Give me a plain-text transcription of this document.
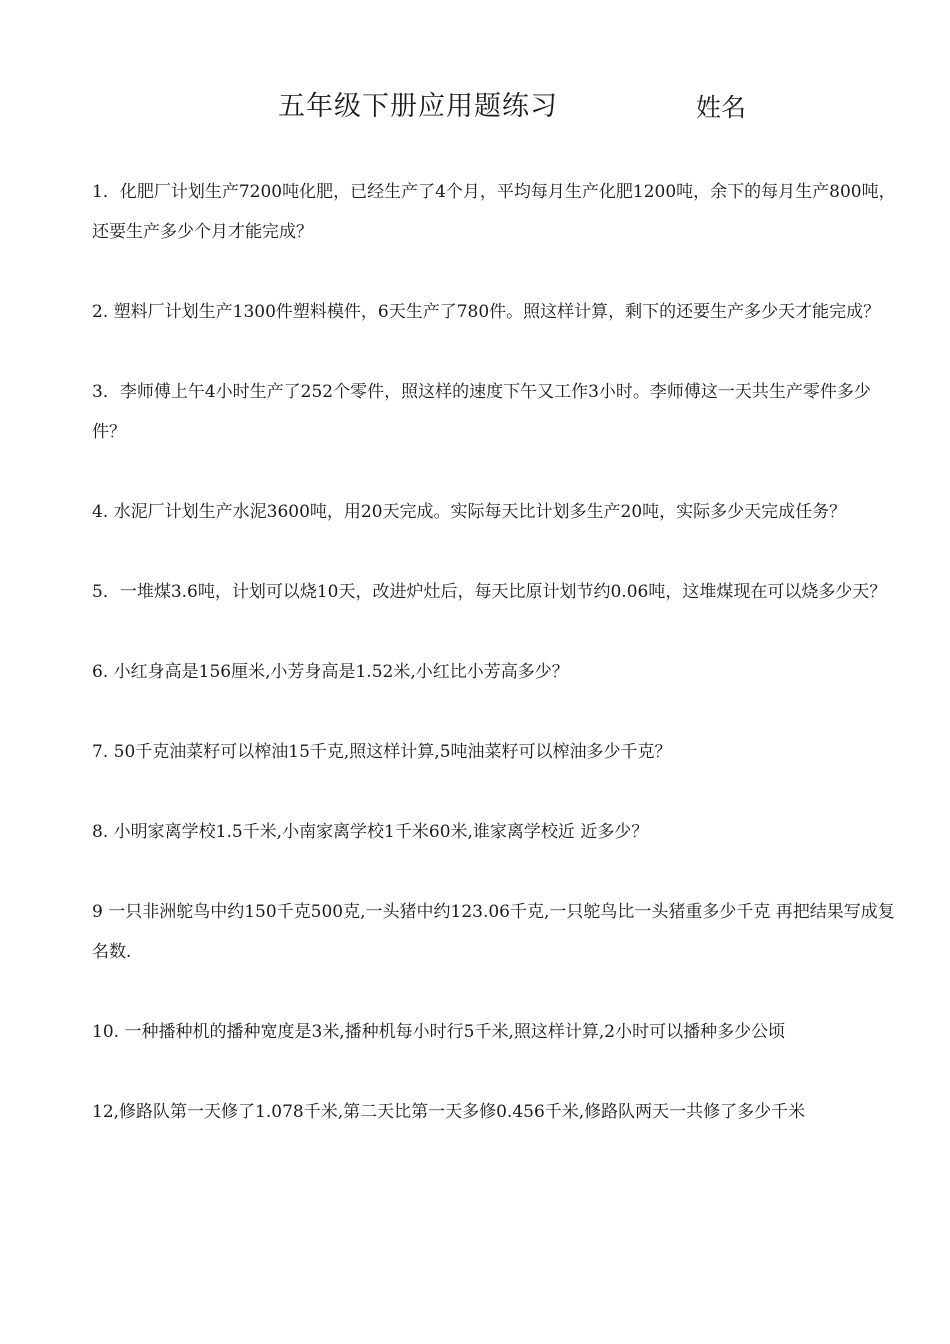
五年级下册应用题练习	姓名

1．化肥厂计划生产7200吨化肥，已经生产了4个月，平均每月生产化肥1200吨，余下的每月生产800吨，还要生产多少个月才能完成？

2. 塑料厂计划生产1300件塑料模件，6天生产了780件。照这样计算，剩下的还要生产多少天才能完成？

3．李师傅上午4小时生产了252个零件，照这样的速度下午又工作3小时。李师傅这一天共生产零件多少件？

4. 水泥厂计划生产水泥3600吨，用20天完成。实际每天比计划多生产20吨，实际多少天完成任务？

5．一堆煤3.6吨，计划可以烧10天，改进炉灶后，每天比原计划节约0.06吨，这堆煤现在可以烧多少天？

6. 小红身高是156厘米,小芳身高是1.52米,小红比小芳高多少？

7. 50千克油菜籽可以榨油15千克,照这样计算,5吨油菜籽可以榨油多少千克？

8. 小明家离学校1.5千米,小南家离学校1千米60米,谁家离学校近 近多少？

9 一只非洲鸵鸟中约150千克500克,一头猪中约123.06千克,一只鸵鸟比一头猪重多少千克 再把结果写成复名数.

10. 一种播种机的播种宽度是3米,播种机每小时行5千米,照这样计算,2小时可以播种多少公顷

12,修路队第一天修了1.078千米,第二天比第一天多修0.456千米,修路队两天一共修了多少千米
